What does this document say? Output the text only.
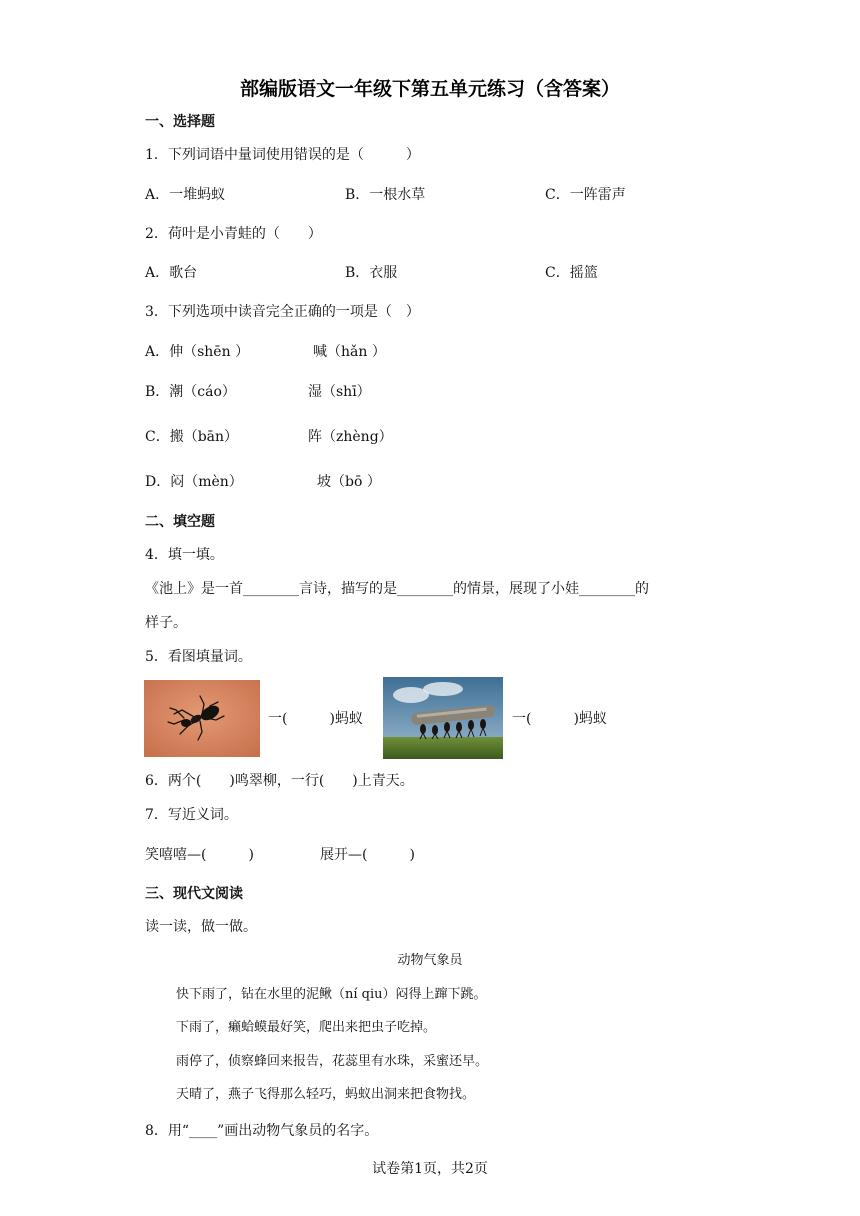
部编版语文一年级下第五单元练习（含答案）
一、选择题
1．下列词语中量词使用错误的是（　　　）
A．一堆蚂蚁	B．一根水草	C．一阵雷声
2．荷叶是小青蛙的（　　）
A．歌台	B．衣服	C．摇篮
3．下列选项中读音完全正确的一项是（　）
A．伸（shēn ）	喊（hǎn ）
B．潮（cáo）	湿（shī）
C．搬（bān）	阵（zhèng）
D．闷（mèn）	坡（bō ）
二、填空题
4．填一填。
《池上》是一首________言诗，描写的是________的情景，展现了小娃________的
样子。
5．看图填量词。
一(　　　)蚂蚁	一(　　　)蚂蚁
6．两个(　　)鸣翠柳，一行(　　)上青天。
7．写近义词。
笑嘻嘻—(　　　)	展开—(　　　)
三、现代文阅读
读一读，做一做。
动物气象员
快下雨了，钻在水里的泥鳅（ní qiu）闷得上蹿下跳。
下雨了，癞蛤蟆最好笑，爬出来把虫子吃掉。
雨停了，侦察蜂回来报告，花蕊里有水珠，采蜜还早。
天晴了，燕子飞得那么轻巧，蚂蚁出洞来把食物找。
8．用“____”画出动物气象员的名字。
试卷第1页，共2页
